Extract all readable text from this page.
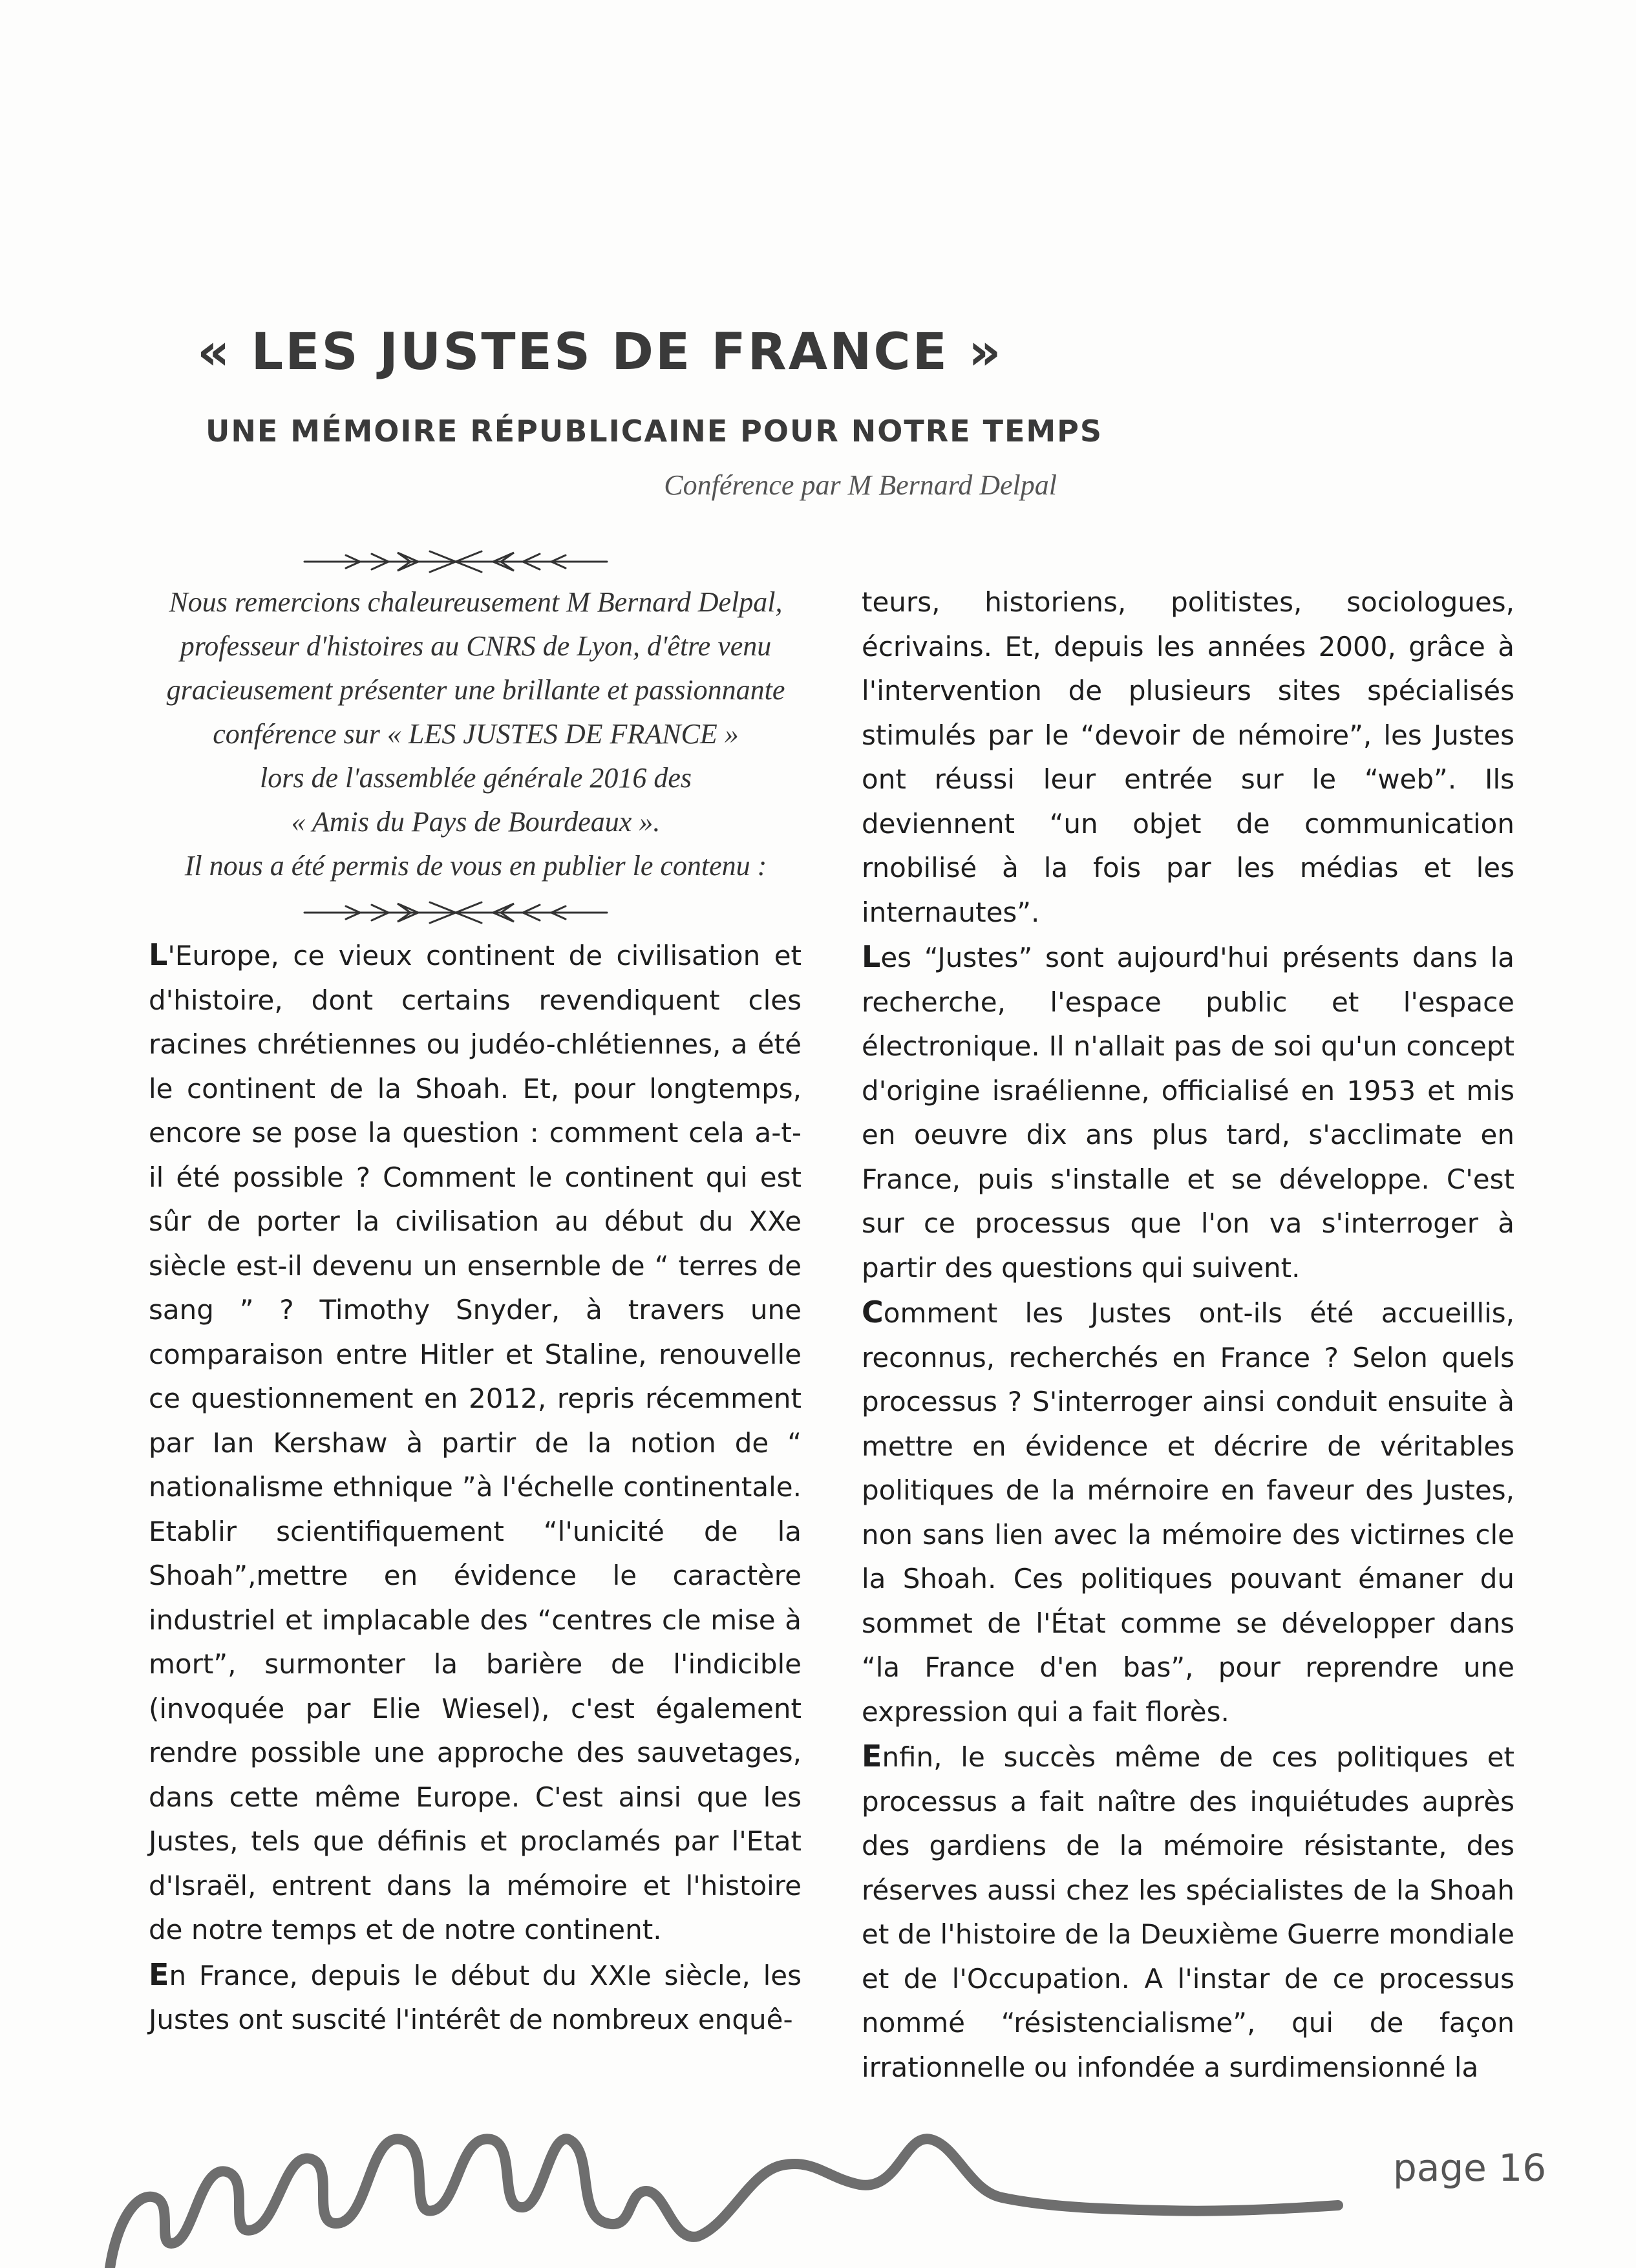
« LES JUSTES DE FRANCE »
UNE MÉMOIRE RÉPUBLICAINE POUR NOTRE TEMPS
Conférence par M Bernard Delpal

Nous remercions chaleureusement M Bernard Delpal,

professeur d'histoires au CNRS de Lyon, d'être venu

gracieusement présenter une brillante et passionnante

conférence sur « LES JUSTES DE FRANCE »

lors de l'assemblée générale 2016 des

« Amis du Pays de Bourdeaux ».

Il nous a été permis de vous en publier le contenu :

L'Europe, ce vieux continent de civilisation et d'histoire, dont certains revendiquent cles racines chrétiennes ou judéo-chlétiennes, a été le continent de la Shoah. Et, pour longtemps, encore se pose la question : comment cela a-t-il été possible ? Comment le continent qui est sûr de porter la civilisation au début du XXe siècle est-il devenu un ensernble de “ terres de sang ” ? Timothy Snyder, à travers une comparaison entre Hitler et Staline, renouvelle ce questionnement en 2012, repris récemment par Ian Kershaw à partir de la notion de “ nationalisme ethnique ”à l'échelle continentale. Etablir scientifiquement “l'unicité de la Shoah”,mettre en évidence le caractère industriel et implacable des “centres cle mise à mort”, surmonter la barière de l'indicible (invoquée par Elie Wiesel), c'est également rendre possible une approche des sauvetages, dans cette même Europe. C'est ainsi que les Justes, tels que définis et proclamés par l'Etat d'Israël, entrent dans la mémoire et l'histoire de notre temps et de notre continent.

En France, depuis le début du XXIe siècle, les Justes ont suscité l'intérêt de nombreux enquê-

teurs, historiens, politistes, sociologues, écrivains. Et, depuis les années 2000, grâce à l'intervention de plusieurs sites spécialisés stimulés par le “devoir de némoire”, les Justes ont réussi leur entrée sur le “web”. Ils deviennent “un objet de communication rnobilisé à la fois par les médias et les internautes”.

Les “Justes” sont aujourd'hui présents dans la recherche, l'espace public et l'espace électronique. Il n'allait pas de soi qu'un concept d'origine israélienne, officialisé en 1953 et mis en oeuvre dix ans plus tard, s'acclimate en France, puis s'installe et se développe. C'est sur ce processus que l'on va s'interroger à partir des questions qui suivent.

Comment les Justes ont-ils été accueillis, reconnus, recherchés en France ? Selon quels processus ? S'interroger ainsi conduit ensuite à mettre en évidence et décrire de véritables politiques de la mérnoire en faveur des Justes, non sans lien avec la mémoire des victirnes cle la Shoah. Ces politiques pouvant émaner du sommet de l'État comme se développer dans “la France d'en bas”, pour reprendre une expression qui a fait florès.

Enfin, le succès même de ces politiques et processus a fait naître des inquiétudes auprès des gardiens de la mémoire résistante, des réserves aussi chez les spécialistes de la Shoah et de l'histoire de la Deuxième Guerre mondiale et de l'Occupation. A l'instar de ce processus nommé “résistencialisme”, qui de façon irrationnelle ou infondée a surdimensionné la

page 16
